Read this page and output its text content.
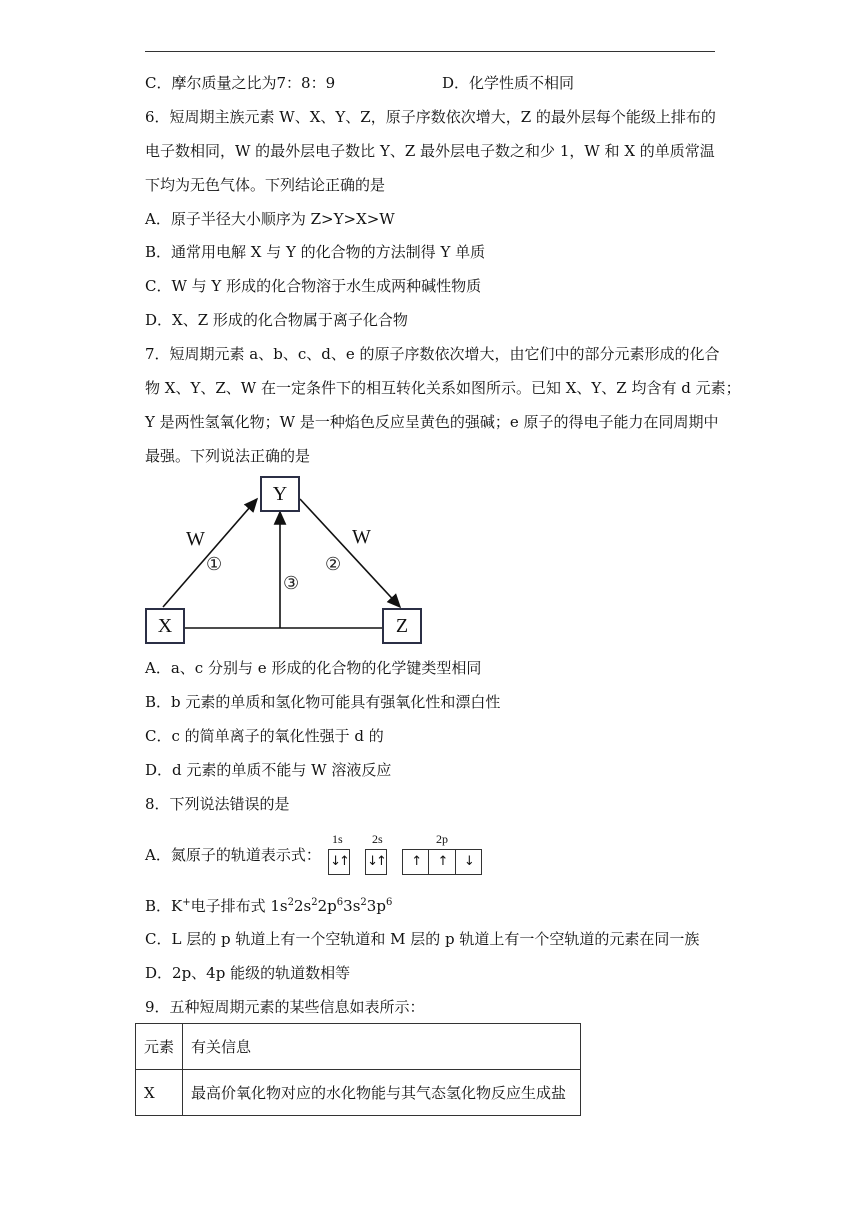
C．摩尔质量之比为7：8：9	D．化学性质不相同
6．短周期主族元素 W、X、Y、Z，原子序数依次增大，Z 的最外层每个能级上排布的
电子数相同，W 的最外层电子数比 Y、Z 最外层电子数之和少 1，W 和 X 的单质常温
下均为无色气体。下列结论正确的是
A．原子半径大小顺序为 Z>Y>X>W
B．通常用电解 X 与 Y 的化合物的方法制得 Y 单质
C．W 与 Y 形成的化合物溶于水生成两种碱性物质
D．X、Z 形成的化合物属于离子化合物
7．短周期元素 a、b、c、d、e 的原子序数依次增大，由它们中的部分元素形成的化合
物 X、Y、Z、W 在一定条件下的相互转化关系如图所示。已知 X、Y、Z 均含有 d 元素；
Y 是两性氢氧化物；W 是一种焰色反应呈黄色的强碱；e 原子的得电子能力在同周期中
最强。下列说法正确的是
Y
X	Z
W	W
①	②
③
A．a、c 分别与 e 形成的化合物的化学键类型相同
B．b 元素的单质和氢化物可能具有强氧化性和漂白性
C．c 的简单离子的氧化性强于 d 的
D．d 元素的单质不能与 W 溶液反应
8．下列说法错误的是
A．氮原子的轨道表示式：
1s 2s	2p
↓↑ ↓↑ ↑ ↑ ↓
B．K+电子排布式 $1s^22s^22p^63s^23p^6$
C．L 层的 p 轨道上有一个空轨道和 M 层的 p 轨道上有一个空轨道的元素在同一族
D．2p、4p 能级的轨道数相等
9．五种短周期元素的某些信息如表所示：
元素	有关信息
X	最高价氧化物对应的水化物能与其气态氢化物反应生成盐
